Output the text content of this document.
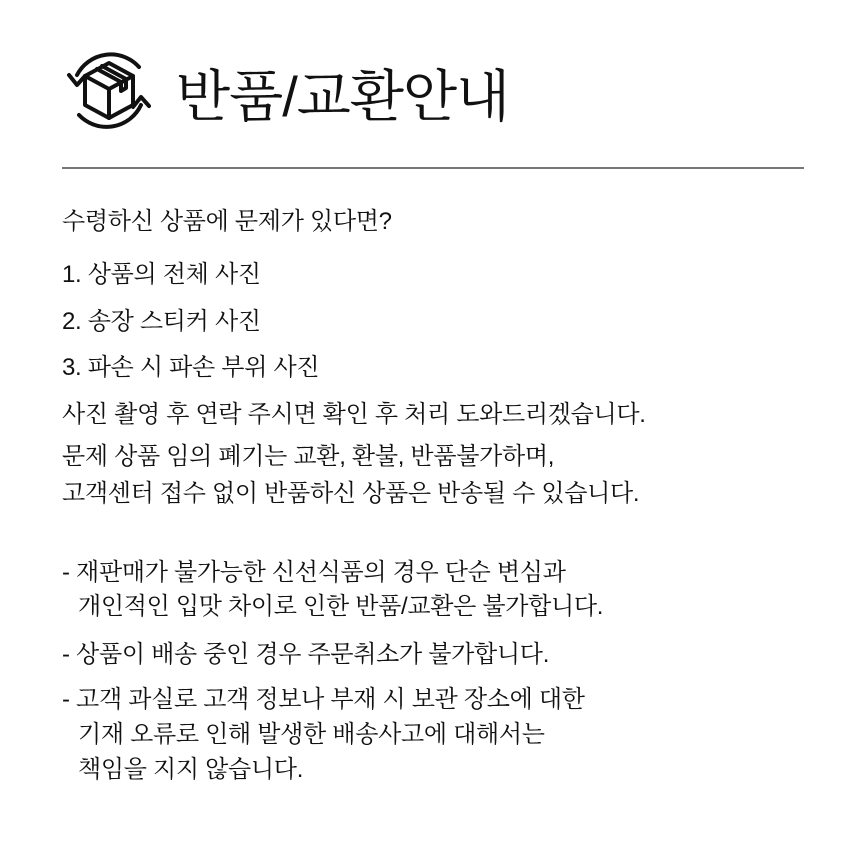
반품/교환안내
수령하신 상품에 문제가 있다면?
1. 상품의 전체 사진
2. 송장 스티커 사진
3. 파손 시 파손 부위 사진
사진 촬영 후 연락 주시면 확인 후 처리 도와드리겠습니다.
문제 상품 임의 폐기는 교환, 환불, 반품불가하며,
고객센터 접수 없이 반품하신 상품은 반송될 수 있습니다.
- 재판매가 불가능한 신선식품의 경우 단순 변심과
개인적인 입맛 차이로 인한 반품/교환은 불가합니다.
- 상품이 배송 중인 경우 주문취소가 불가합니다.
- 고객 과실로 고객 정보나 부재 시 보관 장소에 대한
기재 오류로 인해 발생한 배송사고에 대해서는
책임을 지지 않습니다.
